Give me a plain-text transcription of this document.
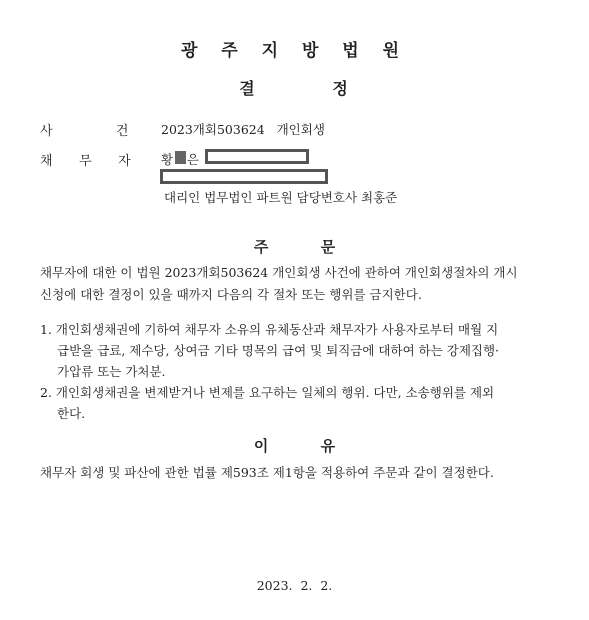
광 주 지 방 법 원
결          정
사          건 2023개회503624   개인회생
채    무    자 황 은
대리인 법무법인 파트원 담당변호사 최홍준
주          문
채무자에 대한 이 법원 2023개회503624 개인회생 사건에 관하여 개인회생절차의 개시
신청에 대한 결정이 있을 때까지 다음의 각 절차 또는 행위를 금지한다.
1. 개인회생채권에 기하여 채무자 소유의 유체동산과 채무자가 사용자로부터 매월 지
급받을 급료, 제수당, 상여금 기타 명목의 급여 및 퇴직금에 대하여 하는 강제집행·
가압류 또는 가처분.
2. 개인회생채권을 변제받거나 변제를 요구하는 일체의 행위. 다만, 소송행위를 제외
한다.
이          유
채무자 회생 및 파산에 관한 법률 제593조 제1항을 적용하여 주문과 같이 결정한다.
2023.  2.  2.
